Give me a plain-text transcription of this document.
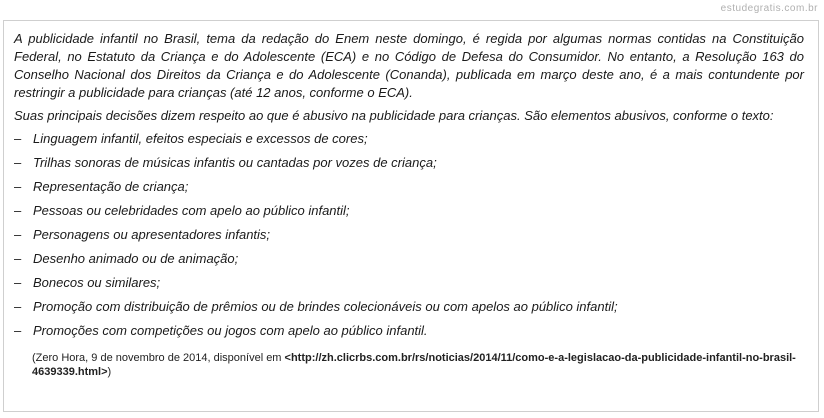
estudegratis.com.br

A publicidade infantil no Brasil, tema da redação do Enem neste domingo, é regida por algumas normas contidas na Constituição Federal, no Estatuto da Criança e do Adolescente (ECA) e no Código de Defesa do Consumidor. No entanto, a Resolução 163 do Conselho Nacional dos Direitos da Criança e do Adolescente (Conanda), publicada em março deste ano, é a mais contundente por restringir a publicidade para crianças (até 12 anos, conforme o ECA).

Suas principais decisões dizem respeito ao que é abusivo na publicidade para crianças. São elementos abusivos, conforme o texto:

– Linguagem infantil, efeitos especiais e excessos de cores;
– Trilhas sonoras de músicas infantis ou cantadas por vozes de criança;
– Representação de criança;
– Pessoas ou celebridades com apelo ao público infantil;
– Personagens ou apresentadores infantis;
– Desenho animado ou de animação;
– Bonecos ou similares;
– Promoção com distribuição de prêmios ou de brindes colecionáveis ou com apelos ao público infantil;
– Promoções com competições ou jogos com apelo ao público infantil.
(Zero Hora, 9 de novembro de 2014, disponível em <http://zh.clicrbs.com.br/rs/noticias/2014/11/como-e-a-legislacao-da-publicidade-infantil-no-brasil-4639339.html>)
